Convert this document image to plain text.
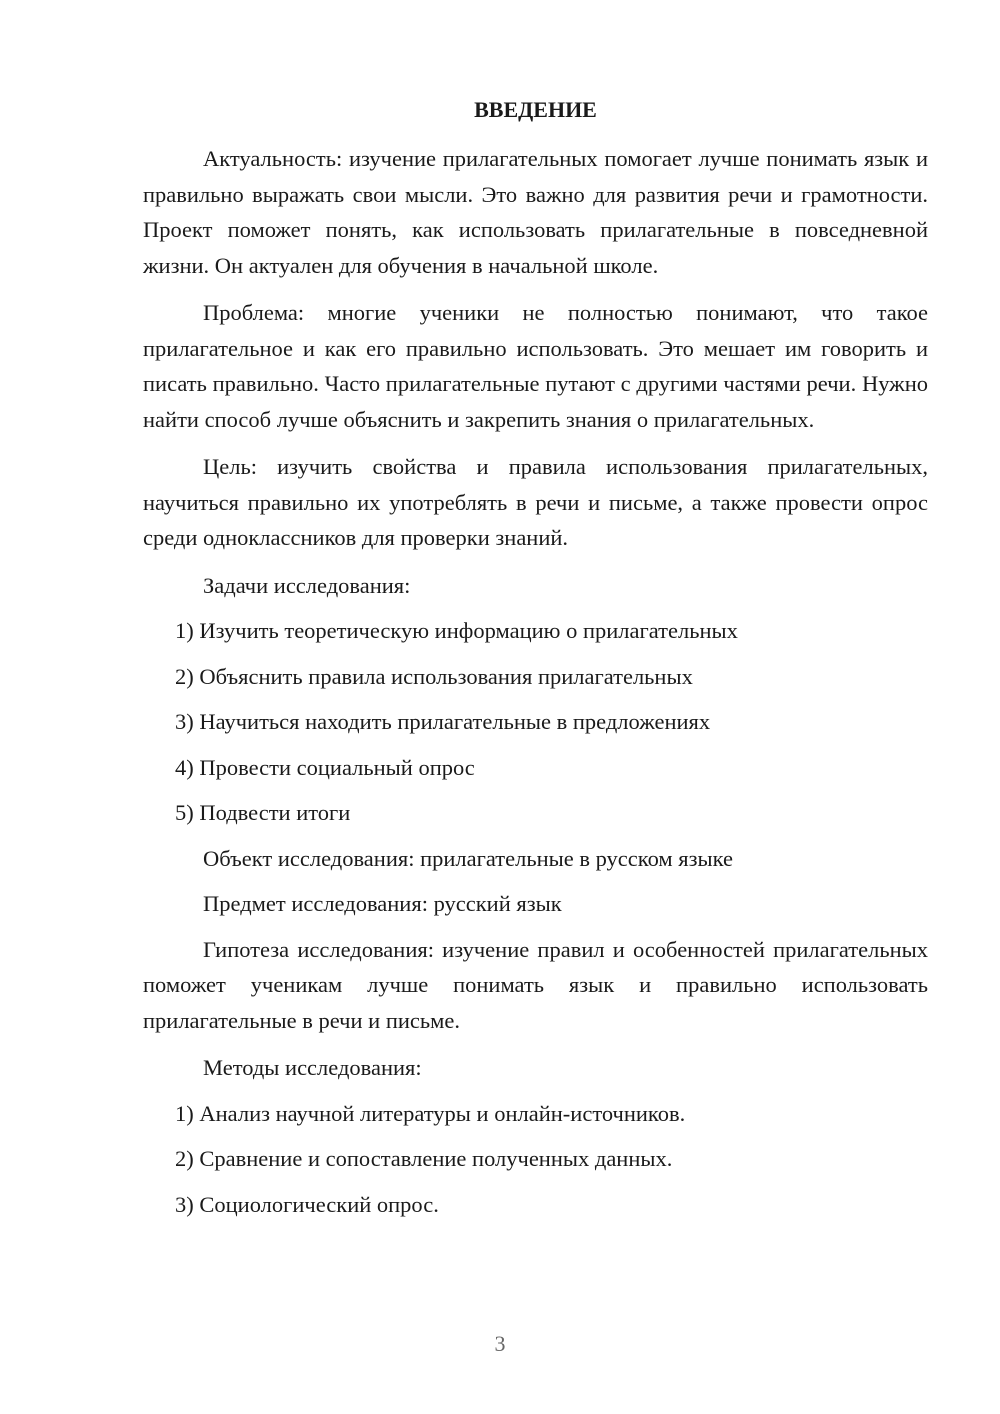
ВВЕДЕНИЕ

Актуальность: изучение прилагательных помогает лучше понимать язык и правильно выражать свои мысли. Это важно для развития речи и грамотности. Проект поможет понять, как использовать прилагательные в повседневной жизни. Он актуален для обучения в начальной школе.

Проблема: многие ученики не полностью понимают, что такое прилагательное и как его правильно использовать. Это мешает им говорить и писать правильно. Часто прилагательные путают с другими частями речи. Нужно найти способ лучше объяснить и закрепить знания о прилагательных.

Цель: изучить свойства и правила использования прилагательных, научиться правильно их употреблять в речи и письме, а также провести опрос среди одноклассников для проверки знаний.

Задачи исследования:
1) Изучить теоретическую информацию о прилагательных
2) Объяснить правила использования прилагательных
3) Научиться находить прилагательные в предложениях
4) Провести социальный опрос
5) Подвести итоги
Объект исследования: прилагательные в русском языке
Предмет исследования: русский язык

Гипотеза исследования: изучение правил и особенностей прилагательных поможет ученикам лучше понимать язык и правильно использовать прилагательные в речи и письме.

Методы исследования:
1) Анализ научной литературы и онлайн-источников.
2) Сравнение и сопоставление полученных данных.
3) Социологический опрос.
3
